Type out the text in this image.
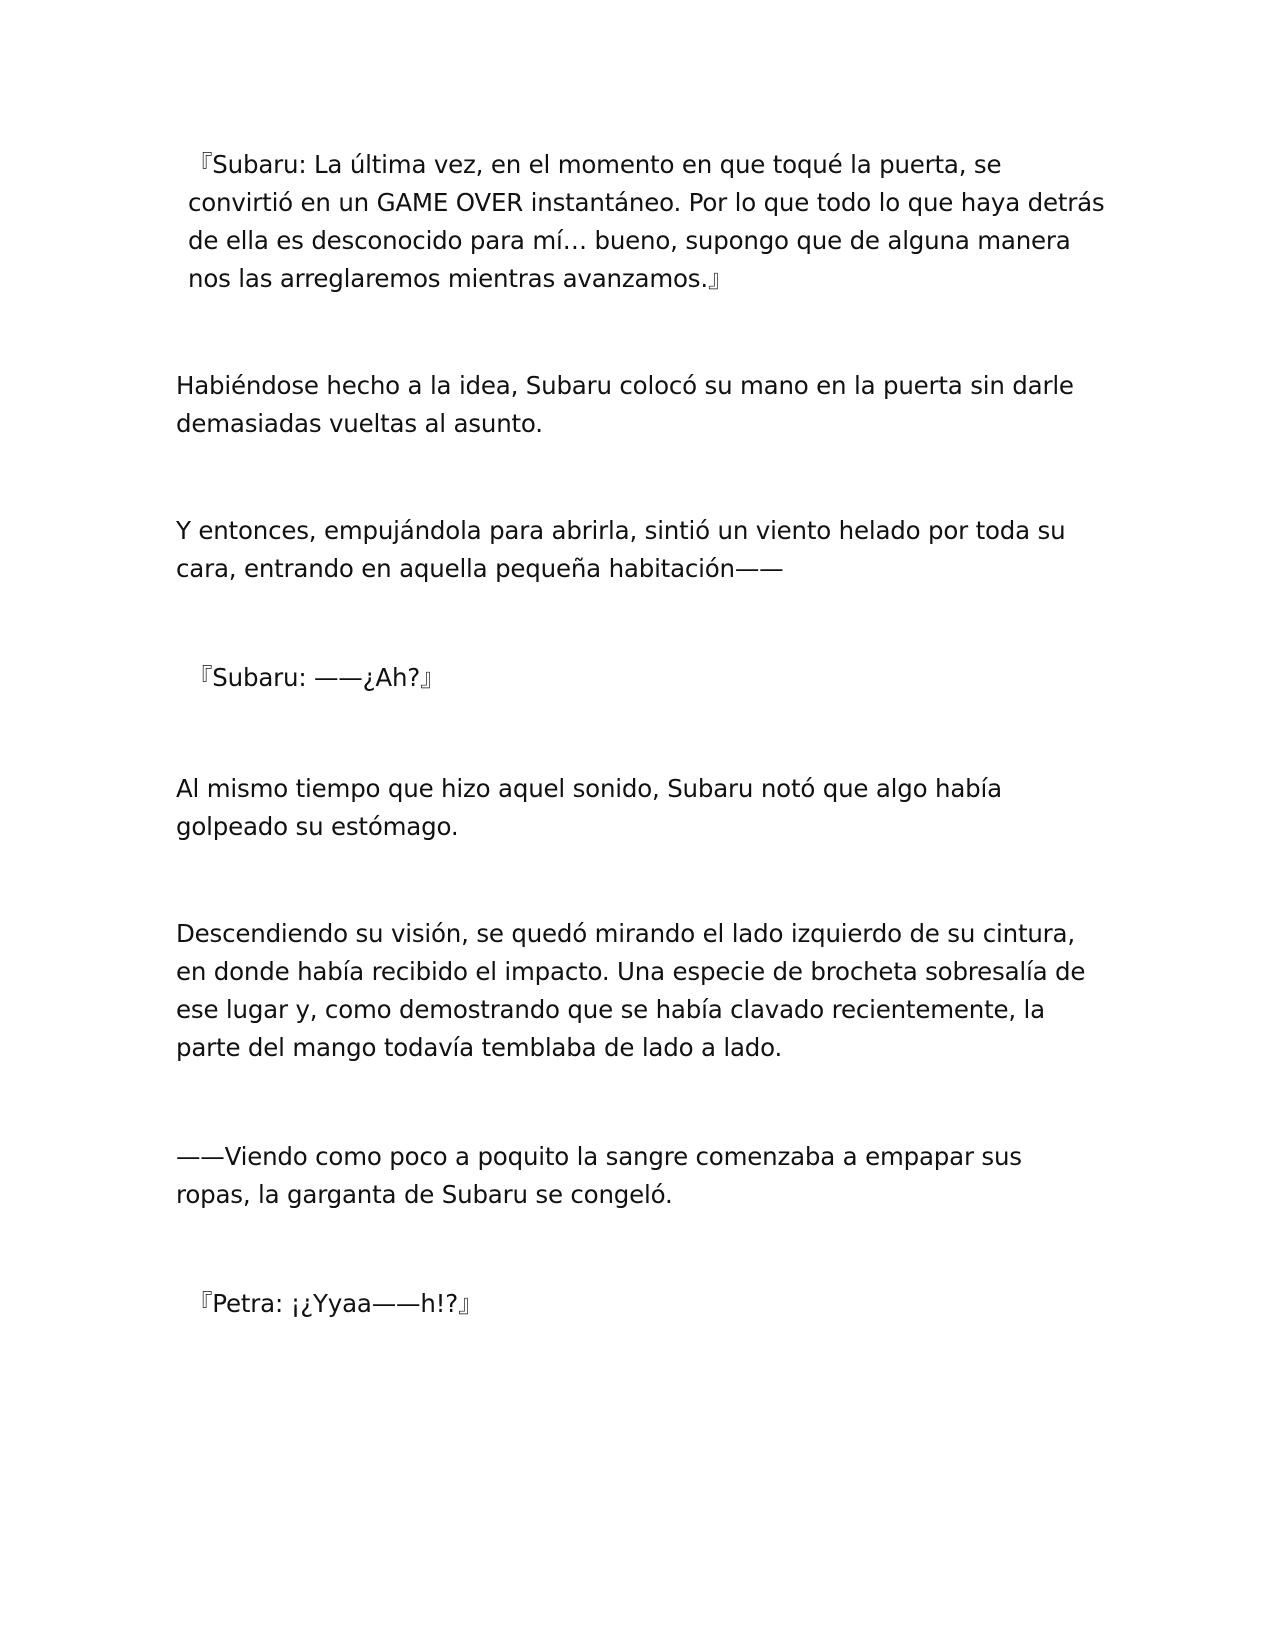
『Subaru: La última vez, en el momento en que toqué la puerta, se convirtió en un GAME OVER instantáneo. Por lo que todo lo que haya detrás de ella es desconocido para mí… bueno, supongo que de alguna manera nos las arreglaremos mientras avanzamos.』

Habiéndose hecho a la idea, Subaru colocó su mano en la puerta sin darle demasiadas vueltas al asunto.

Y entonces, empujándola para abrirla, sintió un viento helado por toda su cara, entrando en aquella pequeña habitación——

『Subaru: ——¿Ah?』

Al mismo tiempo que hizo aquel sonido, Subaru notó que algo había golpeado su estómago.

Descendiendo su visión, se quedó mirando el lado izquierdo de su cintura, en donde había recibido el impacto. Una especie de brocheta sobresalía de ese lugar y, como demostrando que se había clavado recientemente, la parte del mango todavía temblaba de lado a lado.

——Viendo como poco a poquito la sangre comenzaba a empapar sus ropas, la garganta de Subaru se congeló.

『Petra: ¡¿Yyaa——h!?』
